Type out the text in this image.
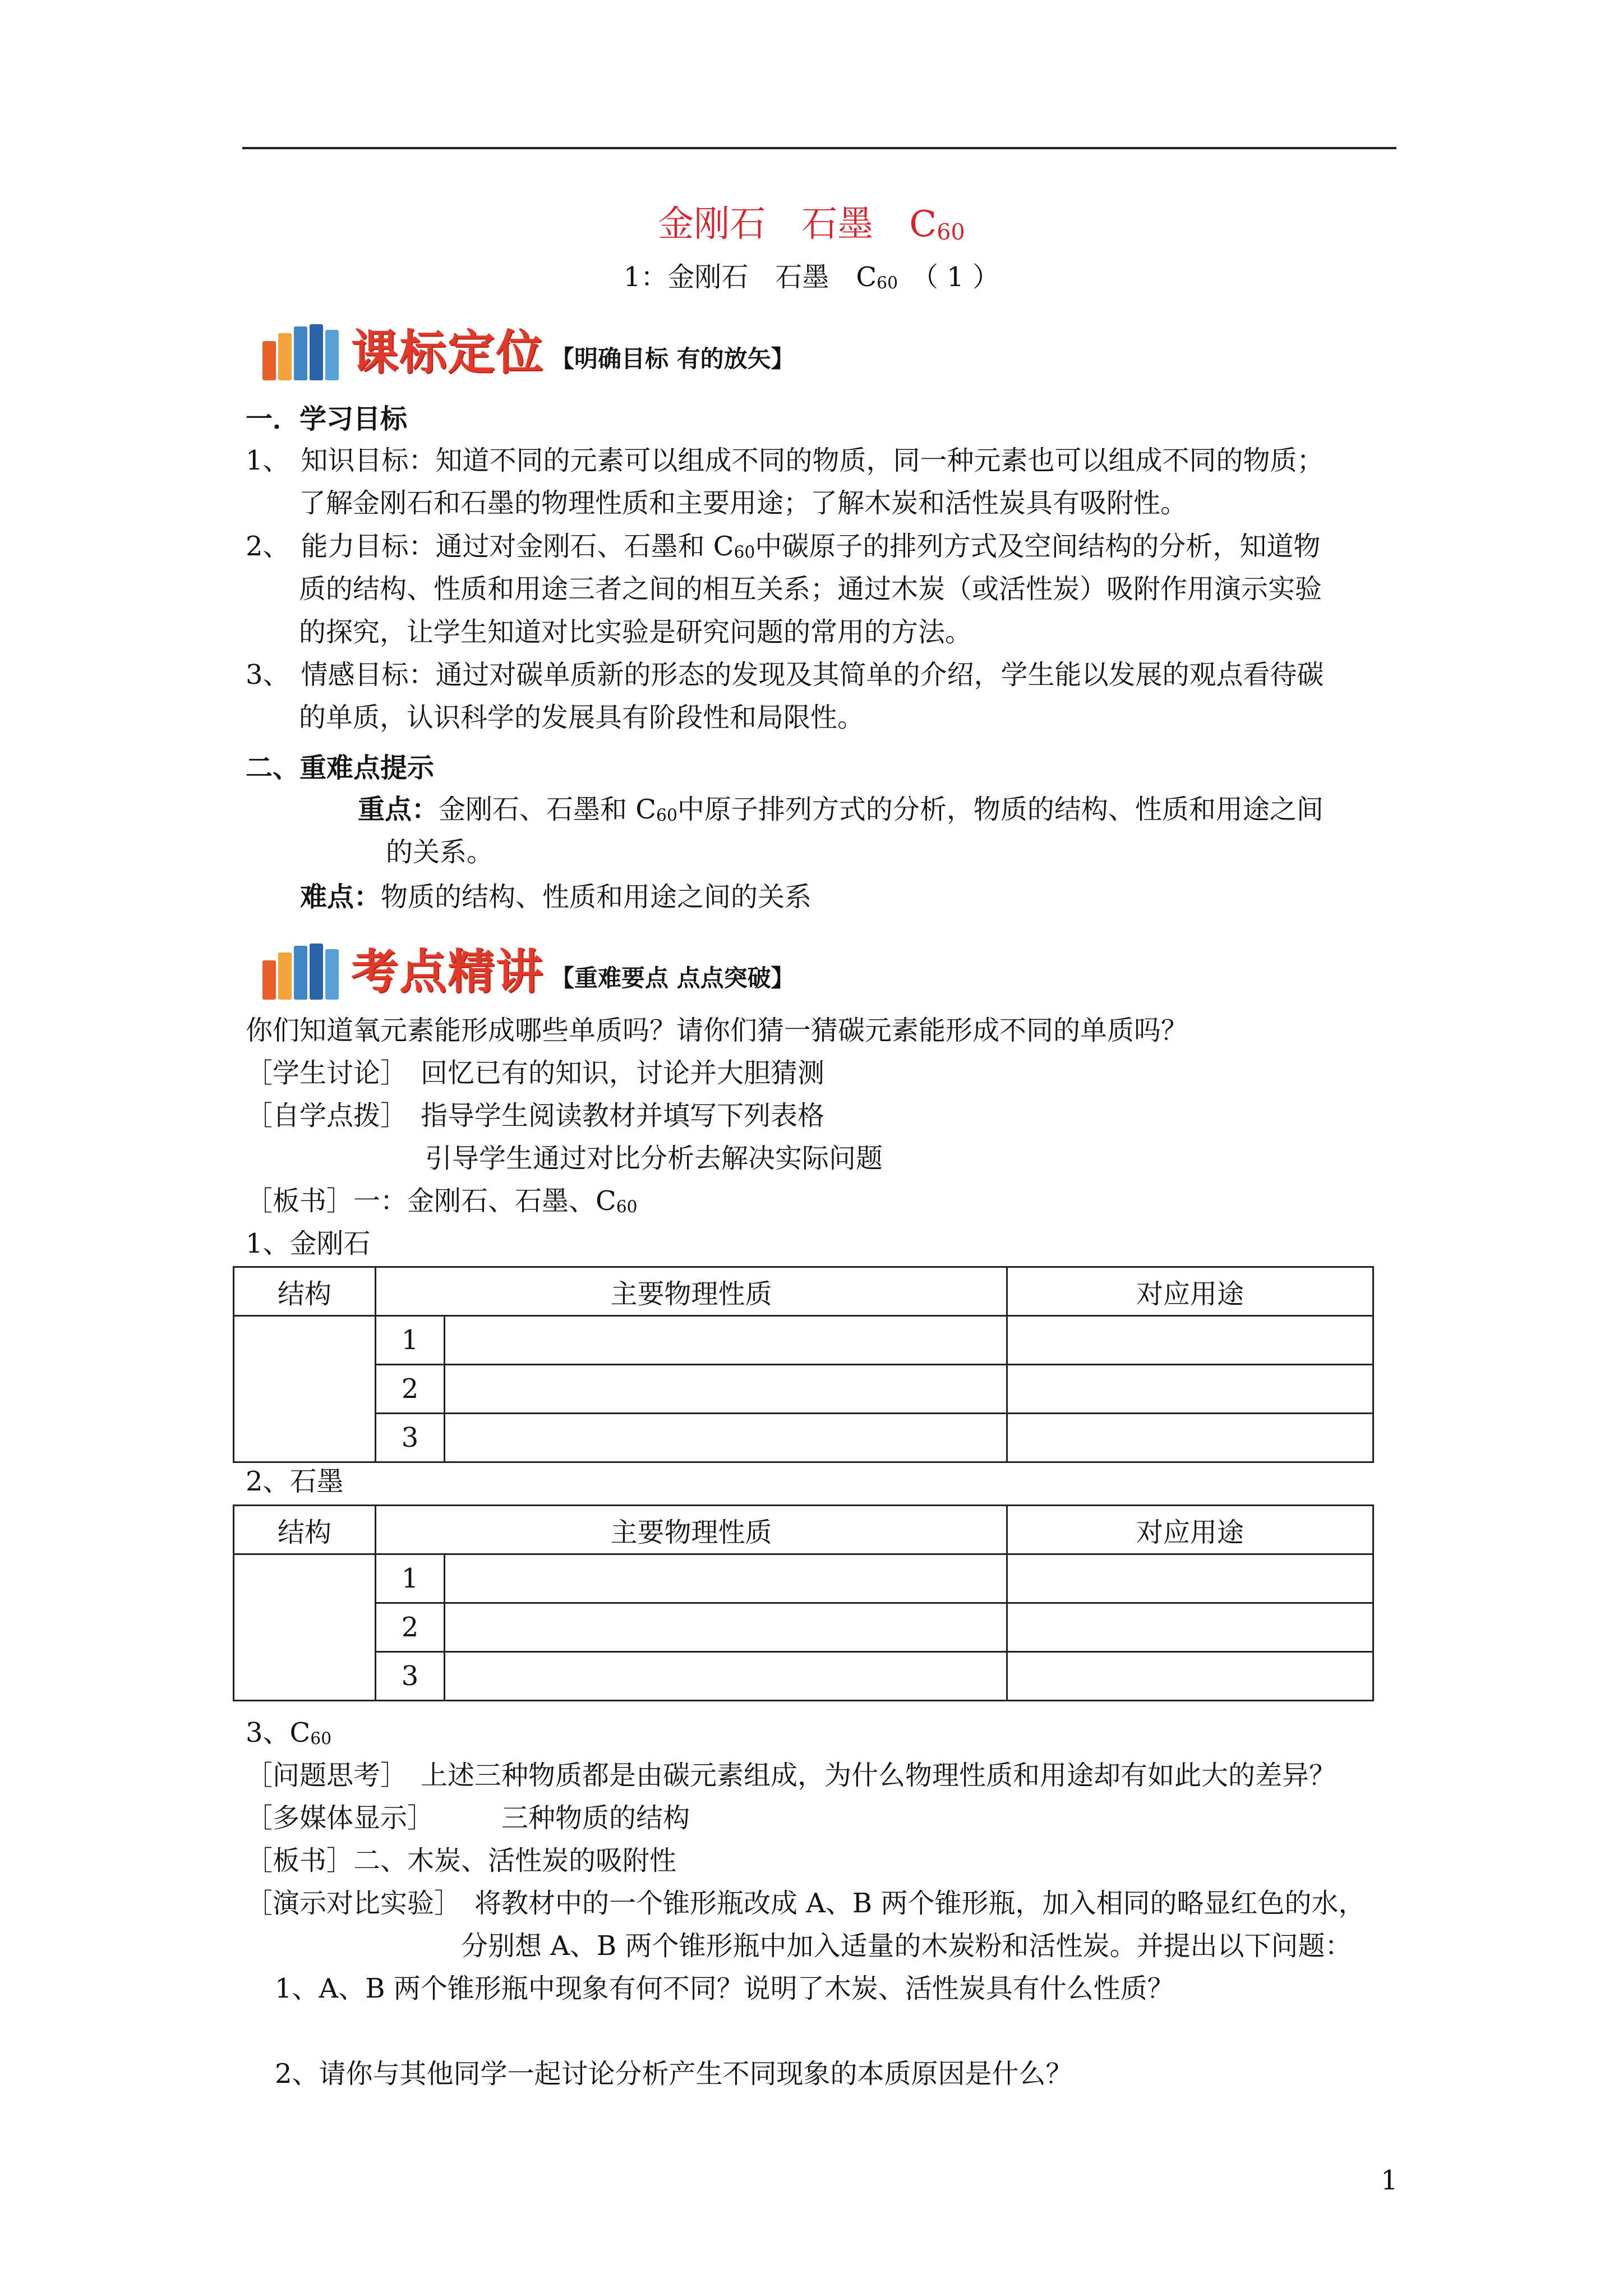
金刚石　石墨　$C_{60}$
1：金刚石　石墨　$C_{60}$　 （ 1 ）
课标定位 【明确目标 有的放矢】
一．学习目标
1、 知识目标：知道不同的元素可以组成不同的物质，同一种元素也可以组成不同的物质；
了解金刚石和石墨的物理性质和主要用途；了解木炭和活性炭具有吸附性。
2、 能力目标：通过对金刚石、石墨和 $C_{60}$中碳原子的排列方式及空间结构的分析，知道物
质的结构、性质和用途三者之间的相互关系；通过木炭（或活性炭）吸附作用演示实验
的探究，让学生知道对比实验是研究问题的常用的方法。
3、 情感目标：通过对碳单质新的形态的发现及其简单的介绍，学生能以发展的观点看待碳
的单质，认识科学的发展具有阶段性和局限性。
二、重难点提示
重点：金刚石、石墨和 $C_{60}$中原子排列方式的分析，物质的结构、性质和用途之间
的关系。
难点：物质的结构、性质和用途之间的关系
考点精讲 【重难要点 点点突破】
你们知道氧元素能形成哪些单质吗？请你们猜一猜碳元素能形成不同的单质吗？
［学生讨论］　回忆已有的知识，讨论并大胆猜测
［自学点拨］　指导学生阅读教材并填写下列表格
引导学生通过对比分析去解决实际问题
［板书］一：金刚石、石墨、$C_{60}$
1、金刚石
结构	主要物理性质		对应用途
	1		
	2		
	3		
2、石墨
结构	主要物理性质		对应用途
	1		
	2		
	3		
3、$C_{60}$
［问题思考］　上述三种物质都是由碳元素组成，为什么物理性质和用途却有如此大的差异？
［多媒体显示］　　　三种物质的结构
［板书］二、木炭、活性炭的吸附性
［演示对比实验］　将教材中的一个锥形瓶改成 A、B 两个锥形瓶，加入相同的略显红色的水，
分别想 A、B 两个锥形瓶中加入适量的木炭粉和活性炭。并提出以下问题：
1、A、B 两个锥形瓶中现象有何不同？说明了木炭、活性炭具有什么性质？
2、请你与其他同学一起讨论分析产生不同现象的本质原因是什么？
1
